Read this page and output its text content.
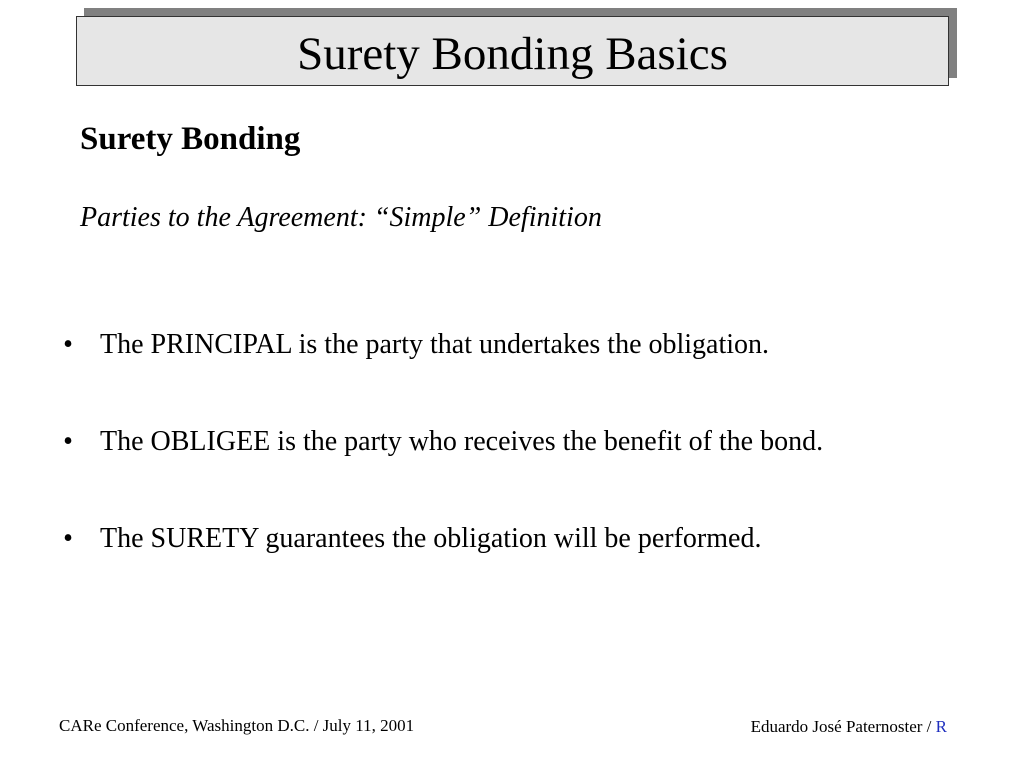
Surety Bonding Basics
Surety Bonding
Parties to the Agreement: “Simple” Definition
• The PRINCIPAL is the party that undertakes the obligation.
• The OBLIGEE is the party who receives the benefit of the bond.
• The SURETY guarantees the obligation will be performed.
CARe Conference, Washington D.C. / July 11, 2001	Eduardo José Paternoster / R
